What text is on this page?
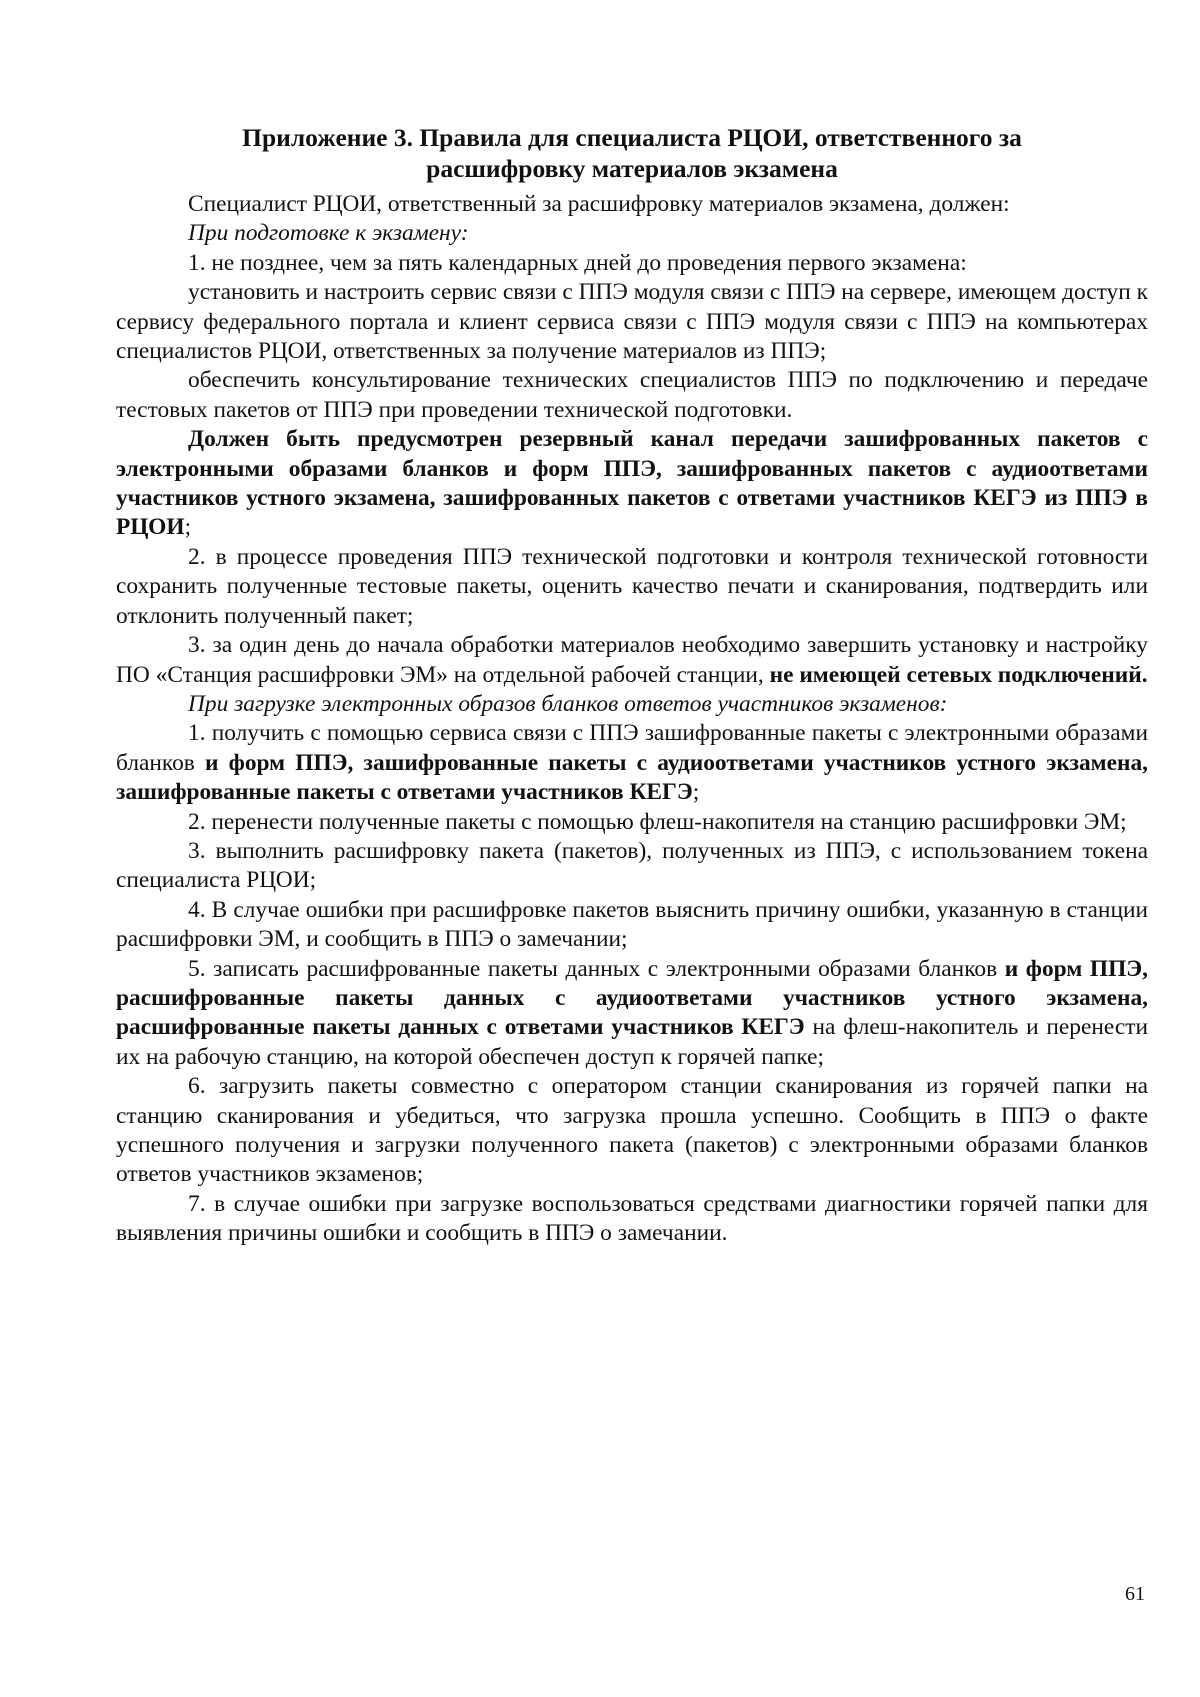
Приложение 3. Правила для специалиста РЦОИ, ответственного за
расшифровку материалов экзамена

Специалист РЦОИ, ответственный за расшифровку материалов экзамена, должен:

При подготовке к экзамену:

1. не позднее, чем за пять календарных дней до проведения первого экзамена:

установить и настроить сервис связи с ППЭ модуля связи с ППЭ на сервере, имеющем доступ к сервису федерального портала и клиент сервиса связи с ППЭ модуля связи с ППЭ на компьютерах специалистов РЦОИ, ответственных за получение материалов из ППЭ;

обеспечить консультирование технических специалистов ППЭ по подключению и передаче тестовых пакетов от ППЭ при проведении технической подготовки.

Должен быть предусмотрен резервный канал передачи зашифрованных пакетов с электронными образами бланков и форм ППЭ, зашифрованных пакетов с аудиоответами участников устного экзамена, зашифрованных пакетов с ответами участников КЕГЭ из ППЭ в РЦОИ;

2. в процессе проведения ППЭ технической подготовки и контроля технической готовности сохранить полученные тестовые пакеты, оценить качество печати и сканирования, подтвердить или отклонить полученный пакет;

3. за один день до начала обработки материалов необходимо завершить установку и настройку ПО «Станция расшифровки ЭМ» на отдельной рабочей станции, не имеющей сетевых подключений.

При загрузке электронных образов бланков ответов участников экзаменов:

1. получить с помощью сервиса связи с ППЭ зашифрованные пакеты с электронными образами бланков и форм ППЭ, зашифрованные пакеты с аудиоответами участников устного экзамена, зашифрованные пакеты с ответами участников КЕГЭ;

2. перенести полученные пакеты с помощью флеш-накопителя на станцию расшифровки ЭМ;

3. выполнить расшифровку пакета (пакетов), полученных из ППЭ, с использованием токена специалиста РЦОИ;

4. В случае ошибки при расшифровке пакетов выяснить причину ошибки, указанную в станции расшифровки ЭМ, и сообщить в ППЭ о замечании;

5. записать расшифрованные пакеты данных с электронными образами бланков и форм ППЭ, расшифрованные пакеты данных с аудиоответами участников устного экзамена, расшифрованные пакеты данных с ответами участников КЕГЭ на флеш-накопитель и перенести их на рабочую станцию, на которой обеспечен доступ к горячей папке;

6. загрузить пакеты совместно с оператором станции сканирования из горячей папки на станцию сканирования и убедиться, что загрузка прошла успешно. Сообщить в ППЭ о факте успешного получения и загрузки полученного пакета (пакетов) с электронными образами бланков ответов участников экзаменов;

7. в случае ошибки при загрузке воспользоваться средствами диагностики горячей папки для выявления причины ошибки и сообщить в ППЭ о замечании.

61
